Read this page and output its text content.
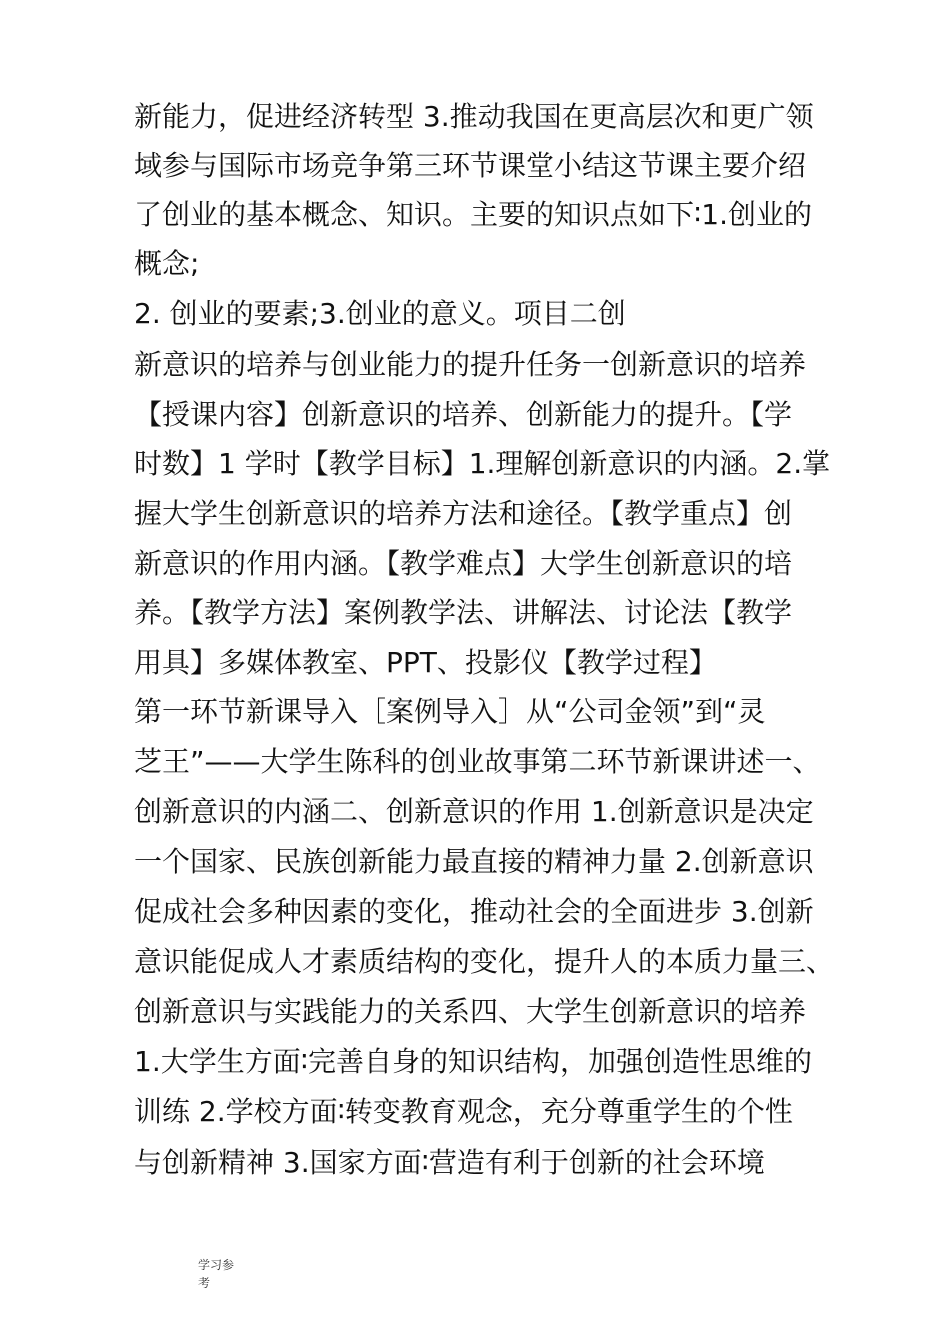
新能力，促进经济转型 3.推动我国在更高层次和更广领
域参与国际市场竞争第三环节课堂小结这节课主要介绍
了创业的基本概念、知识。主要的知识点如下∶1.创业的
概念;
2. 创业的要素;3.创业的意义。项目二创
新意识的培养与创业能力的提升任务一创新意识的培养
【授课内容】创新意识的培养、创新能力的提升。【学
时数】1 学时【教学目标】1.理解创新意识的内涵。2.掌
握大学生创新意识的培养方法和途径。【教学重点】创
新意识的作用内涵。【教学难点】大学生创新意识的培
养。【教学方法】案例教学法、讲解法、讨论法【教学
用具】多媒体教室、PPT、投影仪【教学过程】
第一环节新课导入［案例导入］从“公司金领”到“灵
芝王”——大学生陈科的创业故事第二环节新课讲述一、
创新意识的内涵二、创新意识的作用 1.创新意识是决定
一个国家、民族创新能力最直接的精神力量 2.创新意识
促成社会多种因素的变化，推动社会的全面进步 3.创新
意识能促成人才素质结构的变化，提升人的本质力量三、
创新意识与实践能力的关系四、大学生创新意识的培养
1.大学生方面∶完善自身的知识结构，加强创造性思维的
训练 2.学校方面∶转变教育观念，充分尊重学生的个性
与创新精神 3.国家方面∶营造有利于创新的社会环境
学习参
考
